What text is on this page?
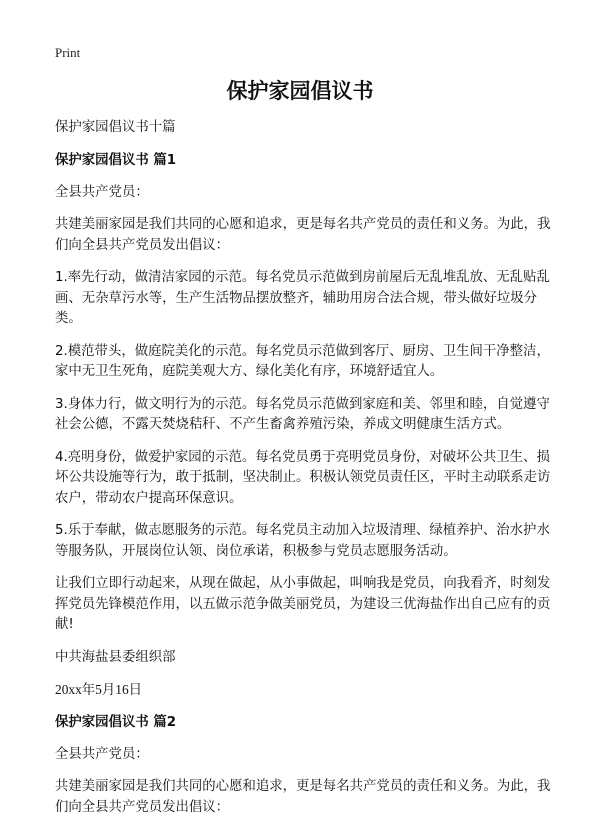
Print
保护家园倡议书

保护家园倡议书十篇

保护家园倡议书 篇1

全县共产党员：

共建美丽家园是我们共同的心愿和追求，更是每名共产党员的责任和义务。为此，我们向全县共产党员发出倡议：

1.率先行动，做清洁家园的示范。每名党员示范做到房前屋后无乱堆乱放、无乱贴乱画、无杂草污水等，生产生活物品摆放整齐，辅助用房合法合规，带头做好垃圾分类。

2.模范带头，做庭院美化的示范。每名党员示范做到客厅、厨房、卫生间干净整洁，家中无卫生死角，庭院美观大方、绿化美化有序，环境舒适宜人。

3.身体力行，做文明行为的示范。每名党员示范做到家庭和美、邻里和睦，自觉遵守社会公德，不露天焚烧秸秆、不产生畜禽养殖污染，养成文明健康生活方式。

4.亮明身份，做爱护家园的示范。每名党员勇于亮明党员身份，对破坏公共卫生、损坏公共设施等行为，敢于抵制，坚决制止。积极认领党员责任区，平时主动联系走访农户，带动农户提高环保意识。

5.乐于奉献，做志愿服务的示范。每名党员主动加入垃圾清理、绿植养护、治水护水等服务队，开展岗位认领、岗位承诺，积极参与党员志愿服务活动。

让我们立即行动起来，从现在做起，从小事做起，叫响我是党员，向我看齐，时刻发挥党员先锋模范作用，以五做示范争做美丽党员，为建设三优海盐作出自己应有的贡献!

中共海盐县委组织部

20xx年5月16日

保护家园倡议书 篇2

全县共产党员：

共建美丽家园是我们共同的心愿和追求，更是每名共产党员的责任和义务。为此，我们向全县共产党员发出倡议：
